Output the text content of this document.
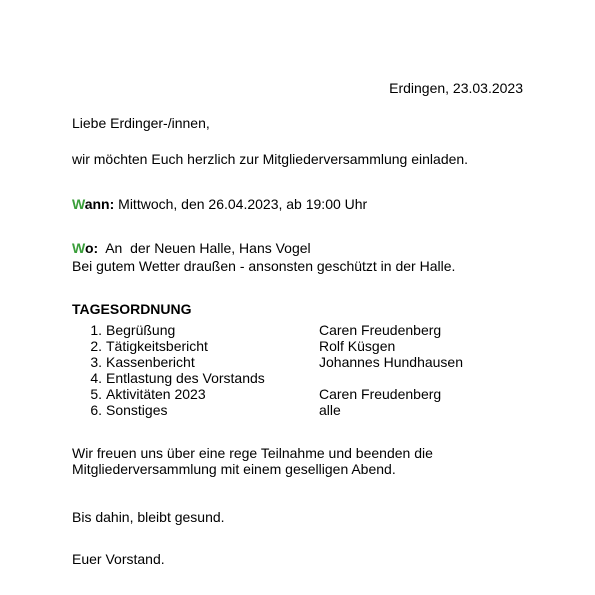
Erdingen, 23.03.2023
Liebe Erdinger-/innen,
wir möchten Euch herzlich zur Mitgliederversammlung einladen.
Wann: Mittwoch, den 26.04.2023, ab 19:00 Uhr
Wo:  An  der Neuen Halle, Hans Vogel
Bei gutem Wetter draußen - ansonsten geschützt in der Halle.
TAGESORDNUNG
1. Begrüßung	Caren Freudenberg
2. Tätigkeitsbericht	Rolf Küsgen
3. Kassenbericht	Johannes Hundhausen
4. Entlastung des Vorstands
5. Aktivitäten 2023	Caren Freudenberg
6. Sonstiges	alle
Wir freuen uns über eine rege Teilnahme und beenden die
Mitgliederversammlung mit einem geselligen Abend.
Bis dahin, bleibt gesund.
Euer Vorstand.
